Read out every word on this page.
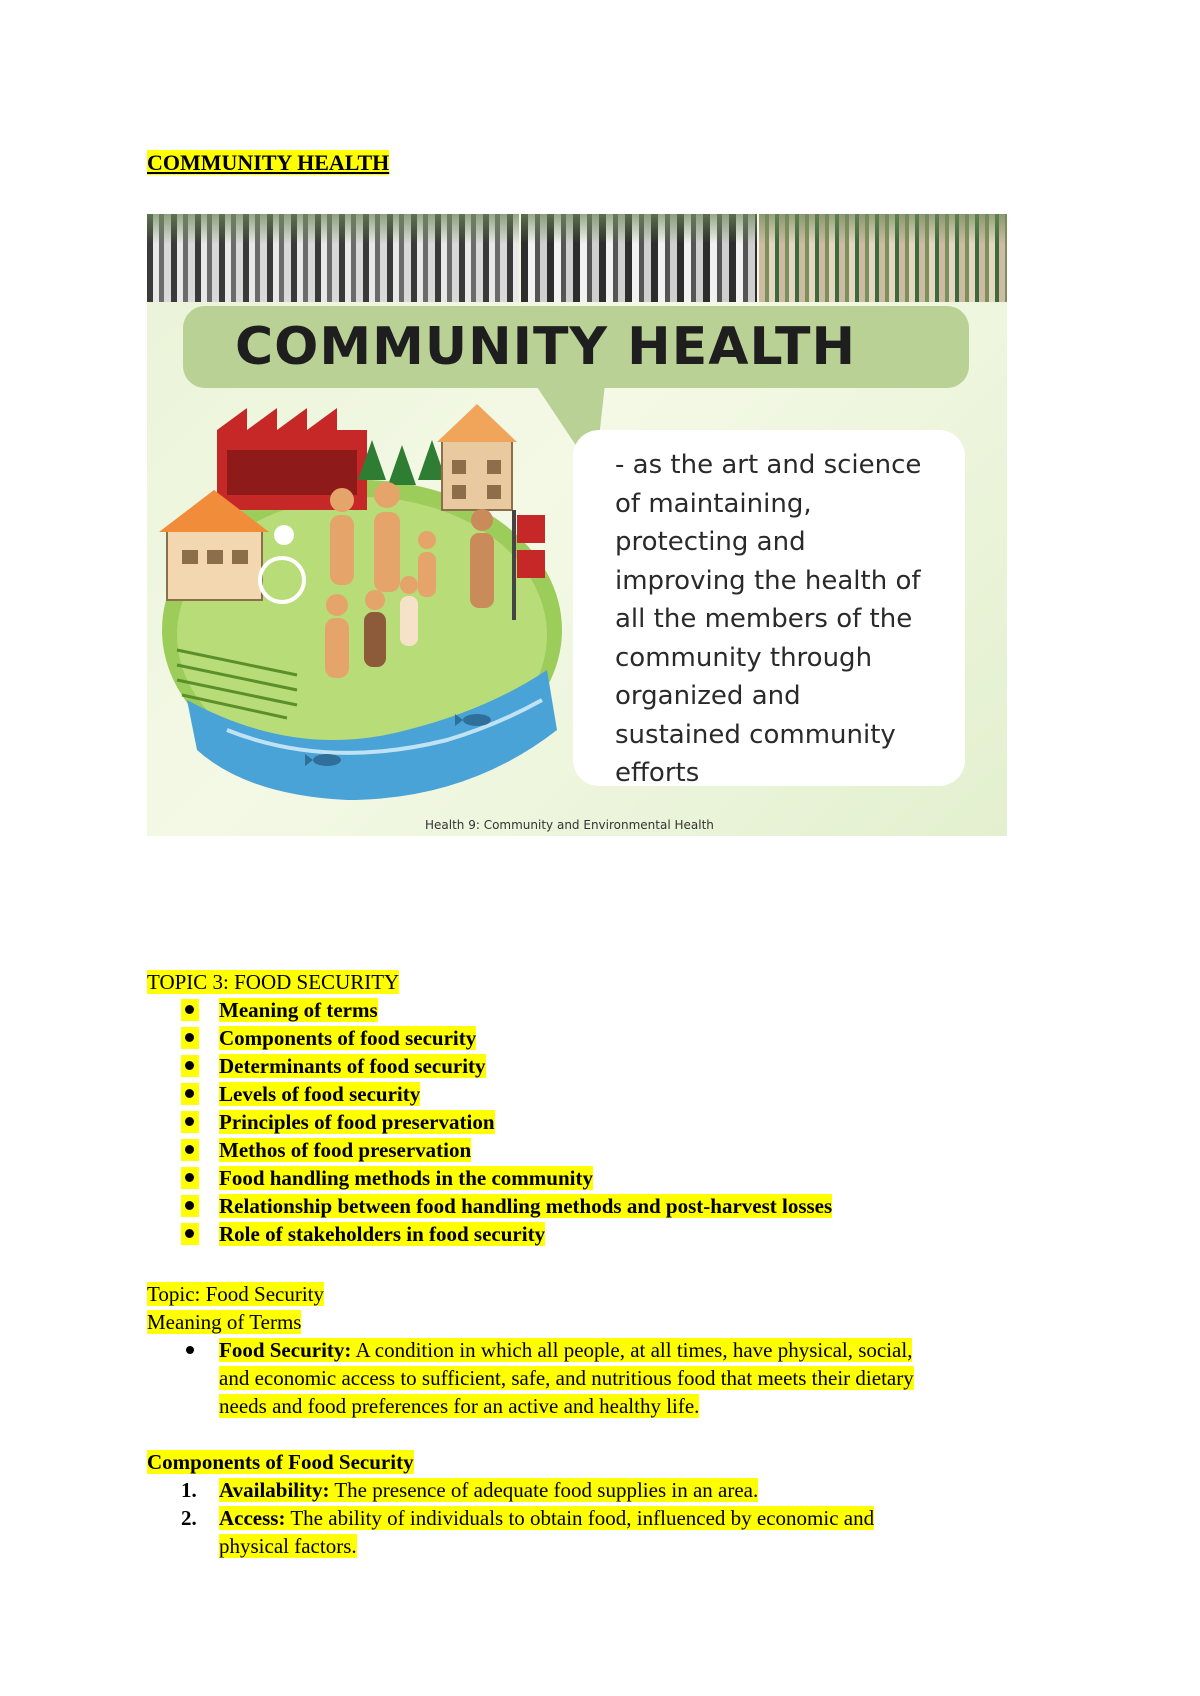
COMMUNITY HEALTH
COMMUNITY HEALTH
- as the art and science
of maintaining,
protecting and
improving the health of
all the members of the
community through
organized and
sustained community
efforts
Health 9: Community and Environmental Health
TOPIC 3: FOOD SECURITY
Meaning of terms
Components of food security
Determinants of food security
Levels of food security
Principles of food preservation
Methos of food preservation
Food handling methods in the community
Relationship between food handling methods and post-harvest losses
Role of stakeholders in food security
Topic: Food Security
Meaning of Terms
Food Security: A condition in which all people, at all times, have physical, social,
and economic access to sufficient, safe, and nutritious food that meets their dietary
needs and food preferences for an active and healthy life.
Components of Food Security
1. Availability: The presence of adequate food supplies in an area.
2. Access: The ability of individuals to obtain food, influenced by economic and
physical factors.
